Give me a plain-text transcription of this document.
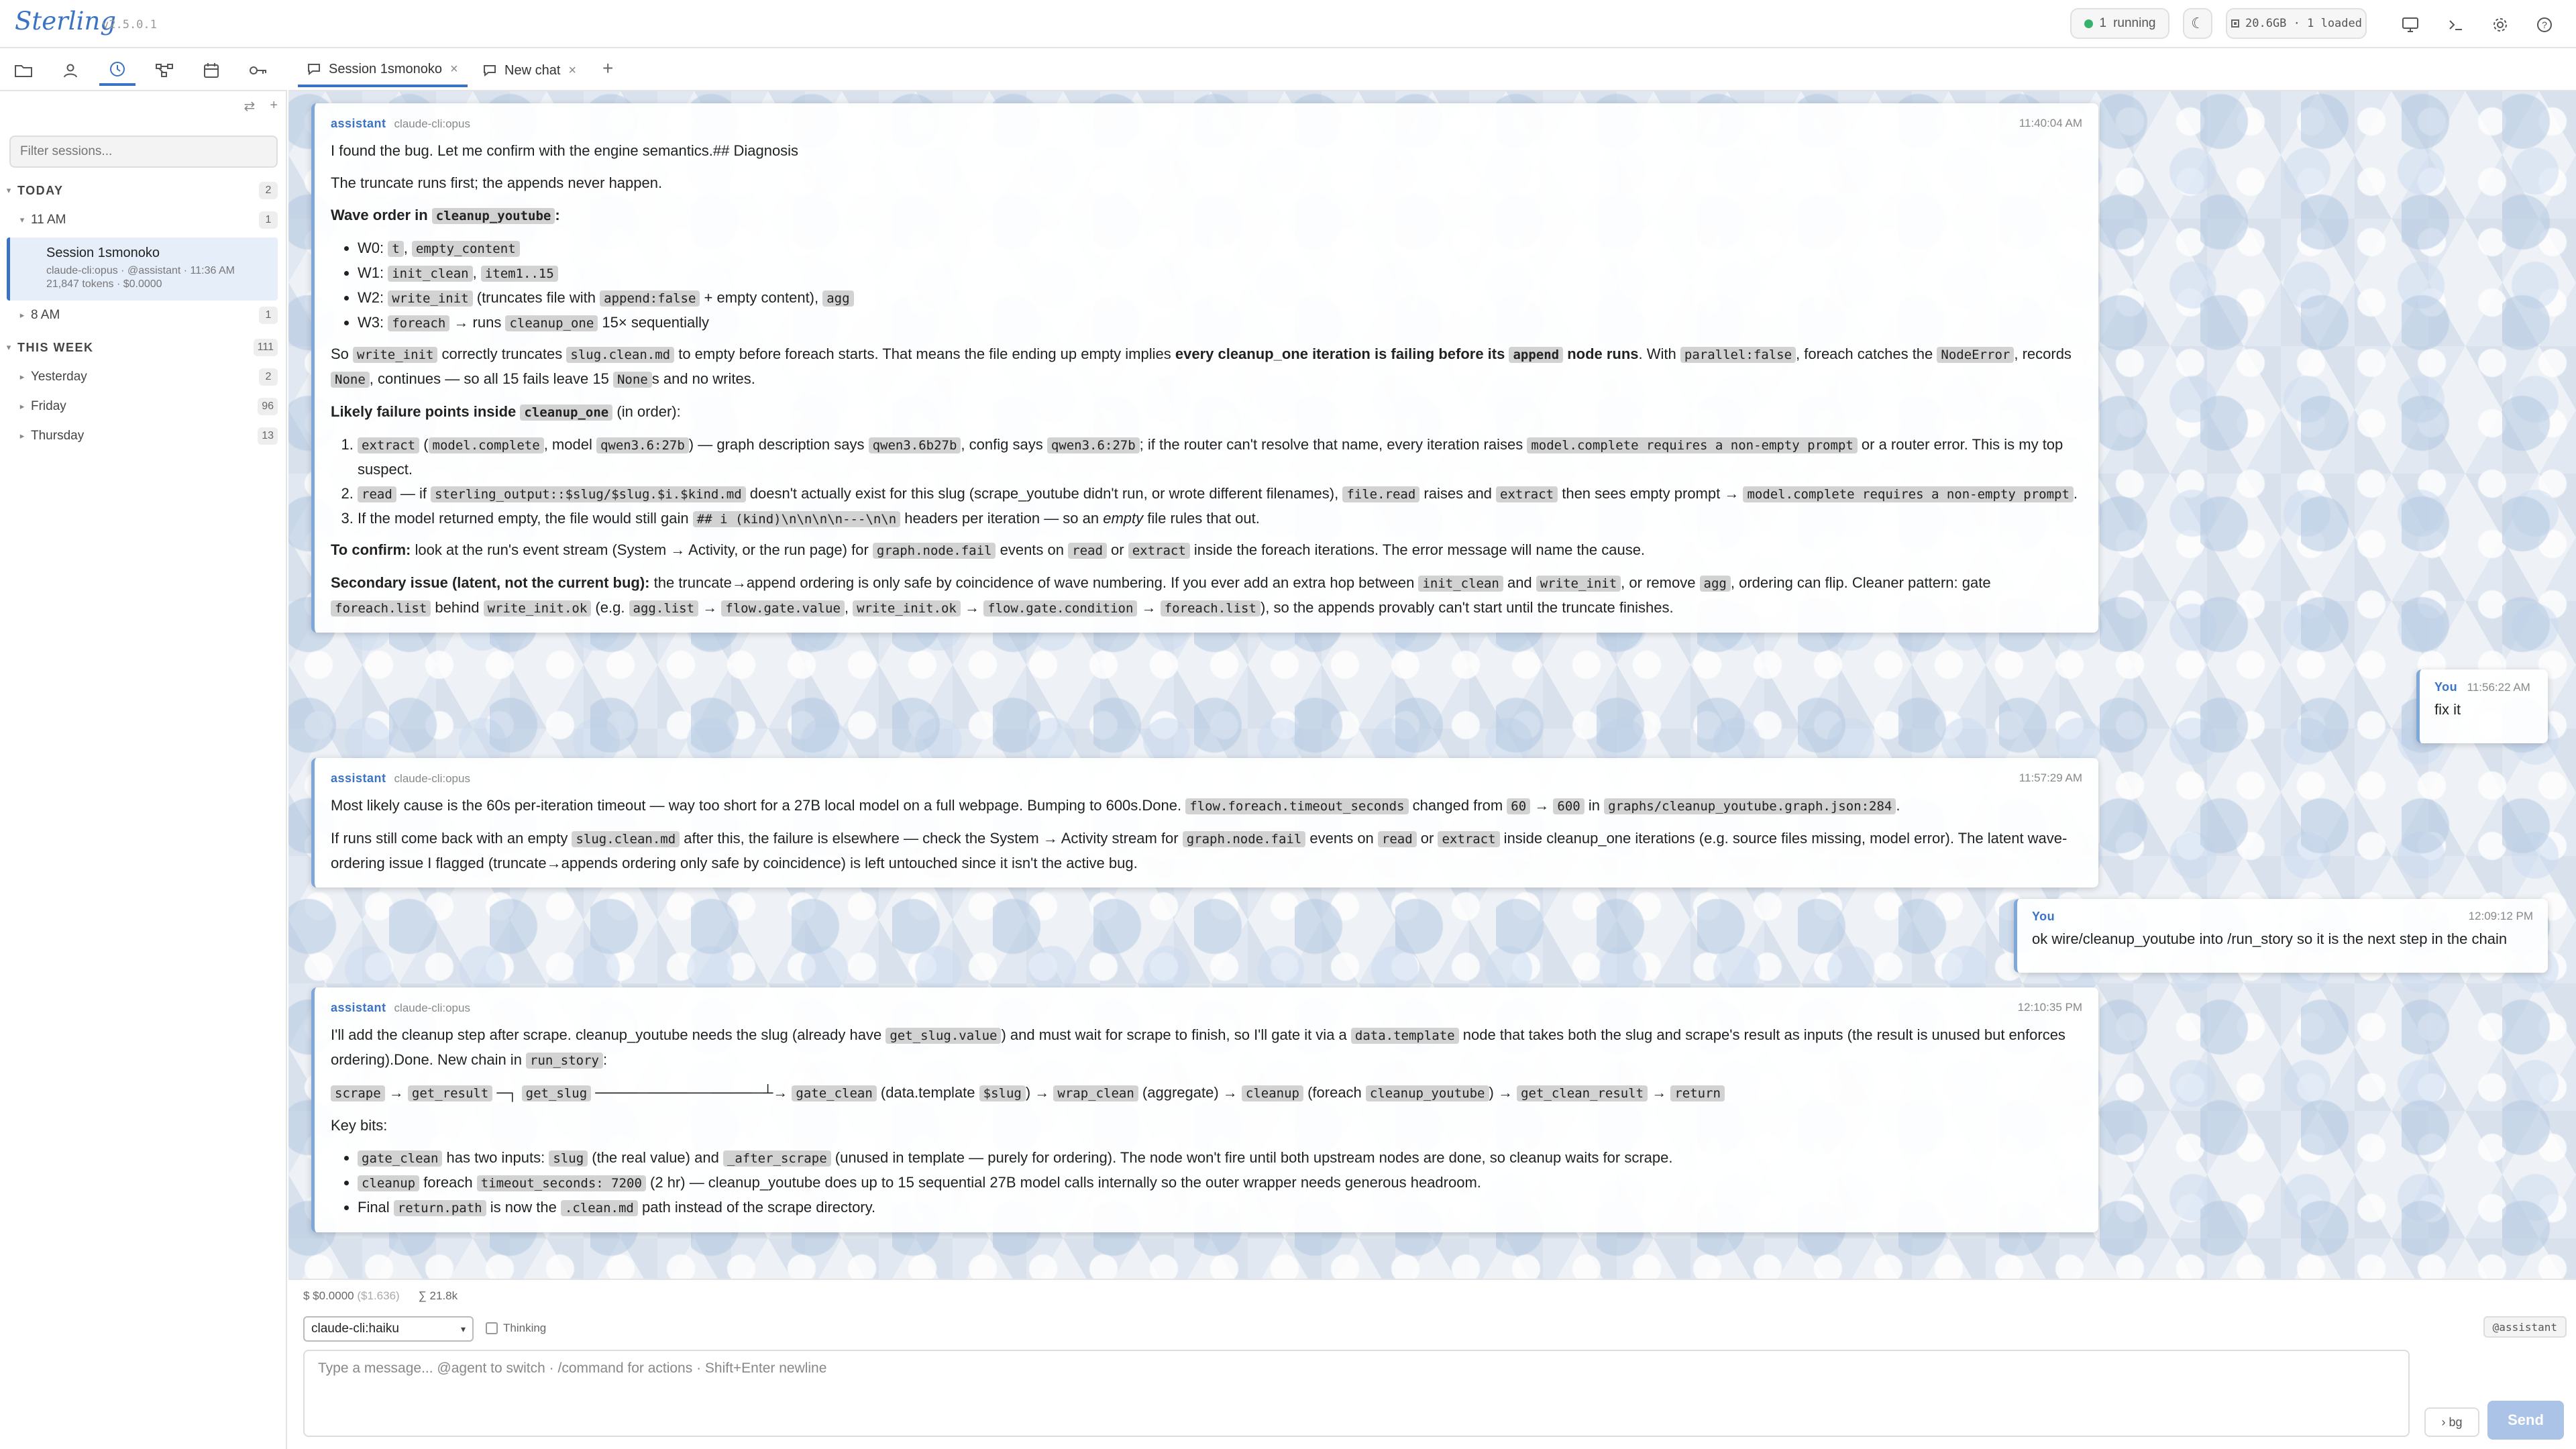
Sterling
v2.5.0.1	1 running ☾	20.6GB · 1 loaded	?
⇄ +
Filter sessions...
▾ TODAY	2
▾ 11 AM	1
Session 1smonoko
claude-cli:opus · @assistant · 11:36 AM
21,847 tokens · $0.0000
▸ 8 AM	1
▾ THIS WEEK	111
▸ Yesterday	2
▸ Friday	96
▸ Thursday	13
Session 1smonoko ×	New chat × +
assistant claude-cli:opus	11:40:04 AM

I found the bug. Let me confirm with the engine semantics.## Diagnosis

The truncate runs first; the appends never happen.

Wave order in cleanup_youtube :

• W0: t , empty_content
• W1: init_clean , item1..15
• W2: write_init (truncates file with append:false + empty content), agg
• W3: foreach → runs cleanup_one 15× sequentially

So write_init correctly truncates slug.clean.md to empty before foreach starts. That means the file ending up empty implies every cleanup_one iteration is failing before its append node runs. With parallel:false , foreach catches the NodeError , records None , continues — so all 15 fails leave 15 None s and no writes.

Likely failure points inside cleanup_one (in order):

1. extract ( model.complete , model qwen3.6:27b ) — graph description says qwen3.6b27b , config says qwen3.6:27b ; if the router can't resolve that name, every iteration raises model.complete requires a non-empty prompt or a router error. This is my top suspect.
2. read — if sterling_output::$slug/$slug.$i.$kind.md doesn't actually exist for this slug (scrape_youtube didn't run, or wrote different filenames), file.read raises and extract then sees empty prompt → model.complete requires a non-empty prompt .
3. If the model returned empty, the file would still gain ## i (kind)\n\n\n\n---\n\n headers per iteration — so an empty file rules that out.

To confirm: look at the run's event stream (System → Activity, or the run page) for graph.node.fail events on read or extract inside the foreach iterations. The error message will name the cause.

Secondary issue (latent, not the current bug): the truncate→append ordering is only safe by coincidence of wave numbering. If you ever add an extra hop between init_clean and write_init , or remove agg , ordering can flip. Cleaner pattern: gate foreach.list behind write_init.ok (e.g. agg.list → flow.gate.value , write_init.ok → flow.gate.condition → foreach.list ), so the appends provably can't start until the truncate finishes.

You 11:56:22 AM
fix it
assistant claude-cli:opus	11:57:29 AM

Most likely cause is the 60s per-iteration timeout — way too short for a 27B local model on a full webpage. Bumping to 600s.Done. flow.foreach.timeout_seconds changed from 60 → 600 in graphs/cleanup_youtube.graph.json:284 .

If runs still come back with an empty slug.clean.md after this, the failure is elsewhere — check the System → Activity stream for graph.node.fail events on read or extract inside cleanup_one iterations (e.g. source files missing, model error). The latent wave-ordering issue I flagged (truncate→appends ordering only safe by coincidence) is left untouched since it isn't the active bug.

You	12:09:12 PM
ok wire/cleanup_youtube into /run_story so it is the next step in the chain
assistant claude-cli:opus	12:10:35 PM

I'll add the cleanup step after scrape. cleanup_youtube needs the slug (already have get_slug.value ) and must wait for scrape to finish, so I'll gate it via a data.template node that takes both the slug and scrape's result as inputs (the result is unused but enforces ordering).Done. New chain in run_story :

scrape → get_result ─┐ get_slug ────────────────┴→ gate_clean (data.template $slug ) → wrap_clean (aggregate) → cleanup (foreach cleanup_youtube ) → get_clean_result → return

Key bits:

• gate_clean has two inputs: slug (the real value) and _after_scrape (unused in template — purely for ordering). The node won't fire until both upstream nodes are done, so cleanup waits for scrape.
• cleanup foreach timeout_seconds: 7200 (2 hr) — cleanup_youtube does up to 15 sequential 27B model calls internally so the outer wrapper needs generous headroom.
• Final return.path is now the .clean.md path instead of the scrape directory.
$ $0.0000 ($1.636) ∑ 21.8k
claude-cli:haiku	▾	Thinking	@assistant
Type a message... @agent to switch · /command for actions · Shift+Enter newline
› bg	Send
